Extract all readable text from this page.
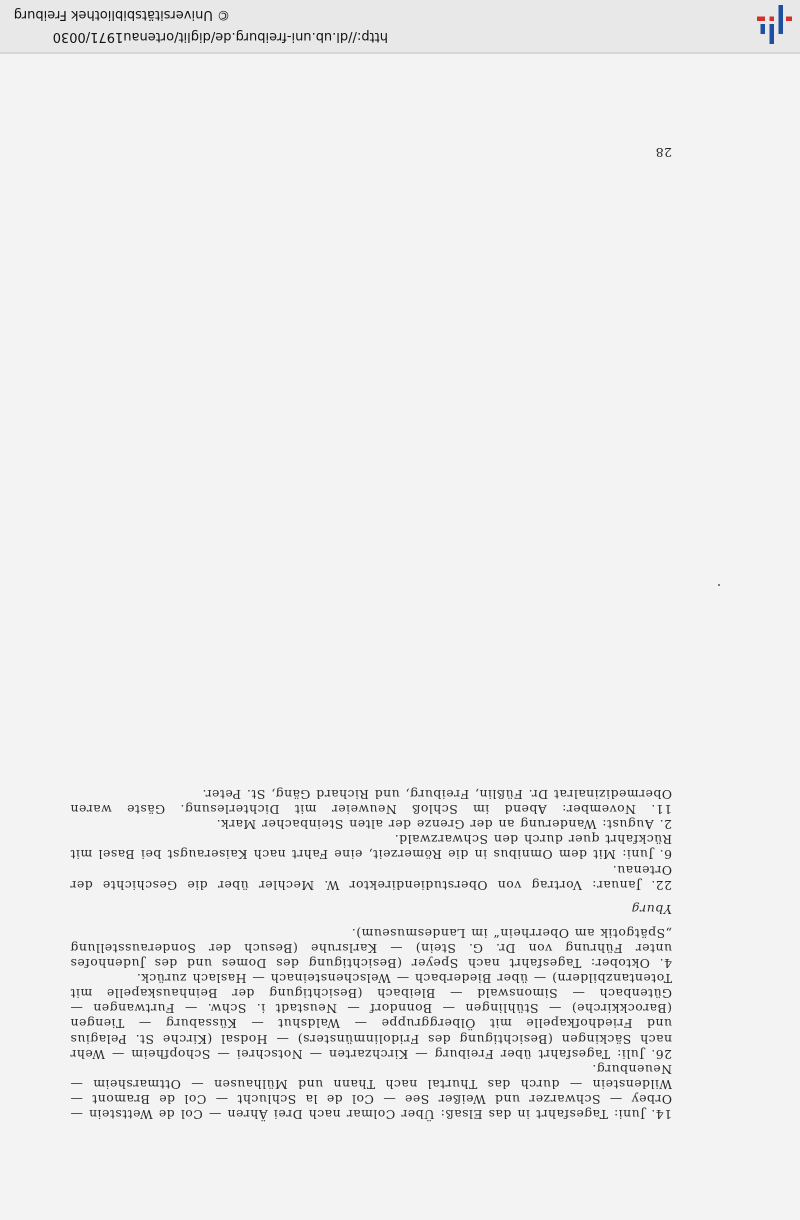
14. Juni: Tagesfahrt in das Elsaß: Über Colmar nach Drei Ähren — Col de Wettstein — Orbey — Schwarzer und Weißer See — Col de la Schlucht — Col de Bramont — Wildenstein — durch das Thurtal nach Thann und Mülhausen — Ottmarsheim — Neuenburg.

26. Juli: Tagesfahrt über Freiburg — Kirchzarten — Notschrei — Schopfheim — Wehr nach Säckingen (Besichtigung des Fridolinmünsters) — Hodsal (Kirche St. Pelagius und Friedhofkapelle mit Ölberggruppe — Waldshut — Küssaburg — Tiengen (Barockkirche) — Stühlingen — Bonndorf — Neustadt i. Schw. — Furtwangen — Gütenbach — Simonswald — Bleibach (Besichtigung der Beinhauskapelle mit Totentanzbildern) — über Biederbach — Welschensteinach — Haslach zurück.

4. Oktober: Tagesfahrt nach Speyer (Besichtigung des Domes und des Judenhofes unter Führung von Dr. G. Stein) — Karlsruhe (Besuch der Sonderausstellung „Spätgotik am Oberrhein“ im Landesmuseum).

Yburg

22. Januar: Vortrag von Oberstudiendirektor W. Mechler über die Geschichte der Ortenau.

6. Juni: Mit dem Omnibus in die Römerzeit, eine Fahrt nach Kaiseraugst bei Basel mit Rückfahrt quer durch den Schwarzwald.

2. August: Wanderung an der Grenze der alten Steinbacher Mark.

11. November: Abend im Schloß Neuweier mit Dichterlesung. Gäste waren Obermedizinalrat Dr. Füßlin, Freiburg, und Richard Gäng, St. Peter.

28
http://dl.ub.uni-freiburg.de/diglit/ortenau1971/0030
© Universitätsbibliothek Freiburg
